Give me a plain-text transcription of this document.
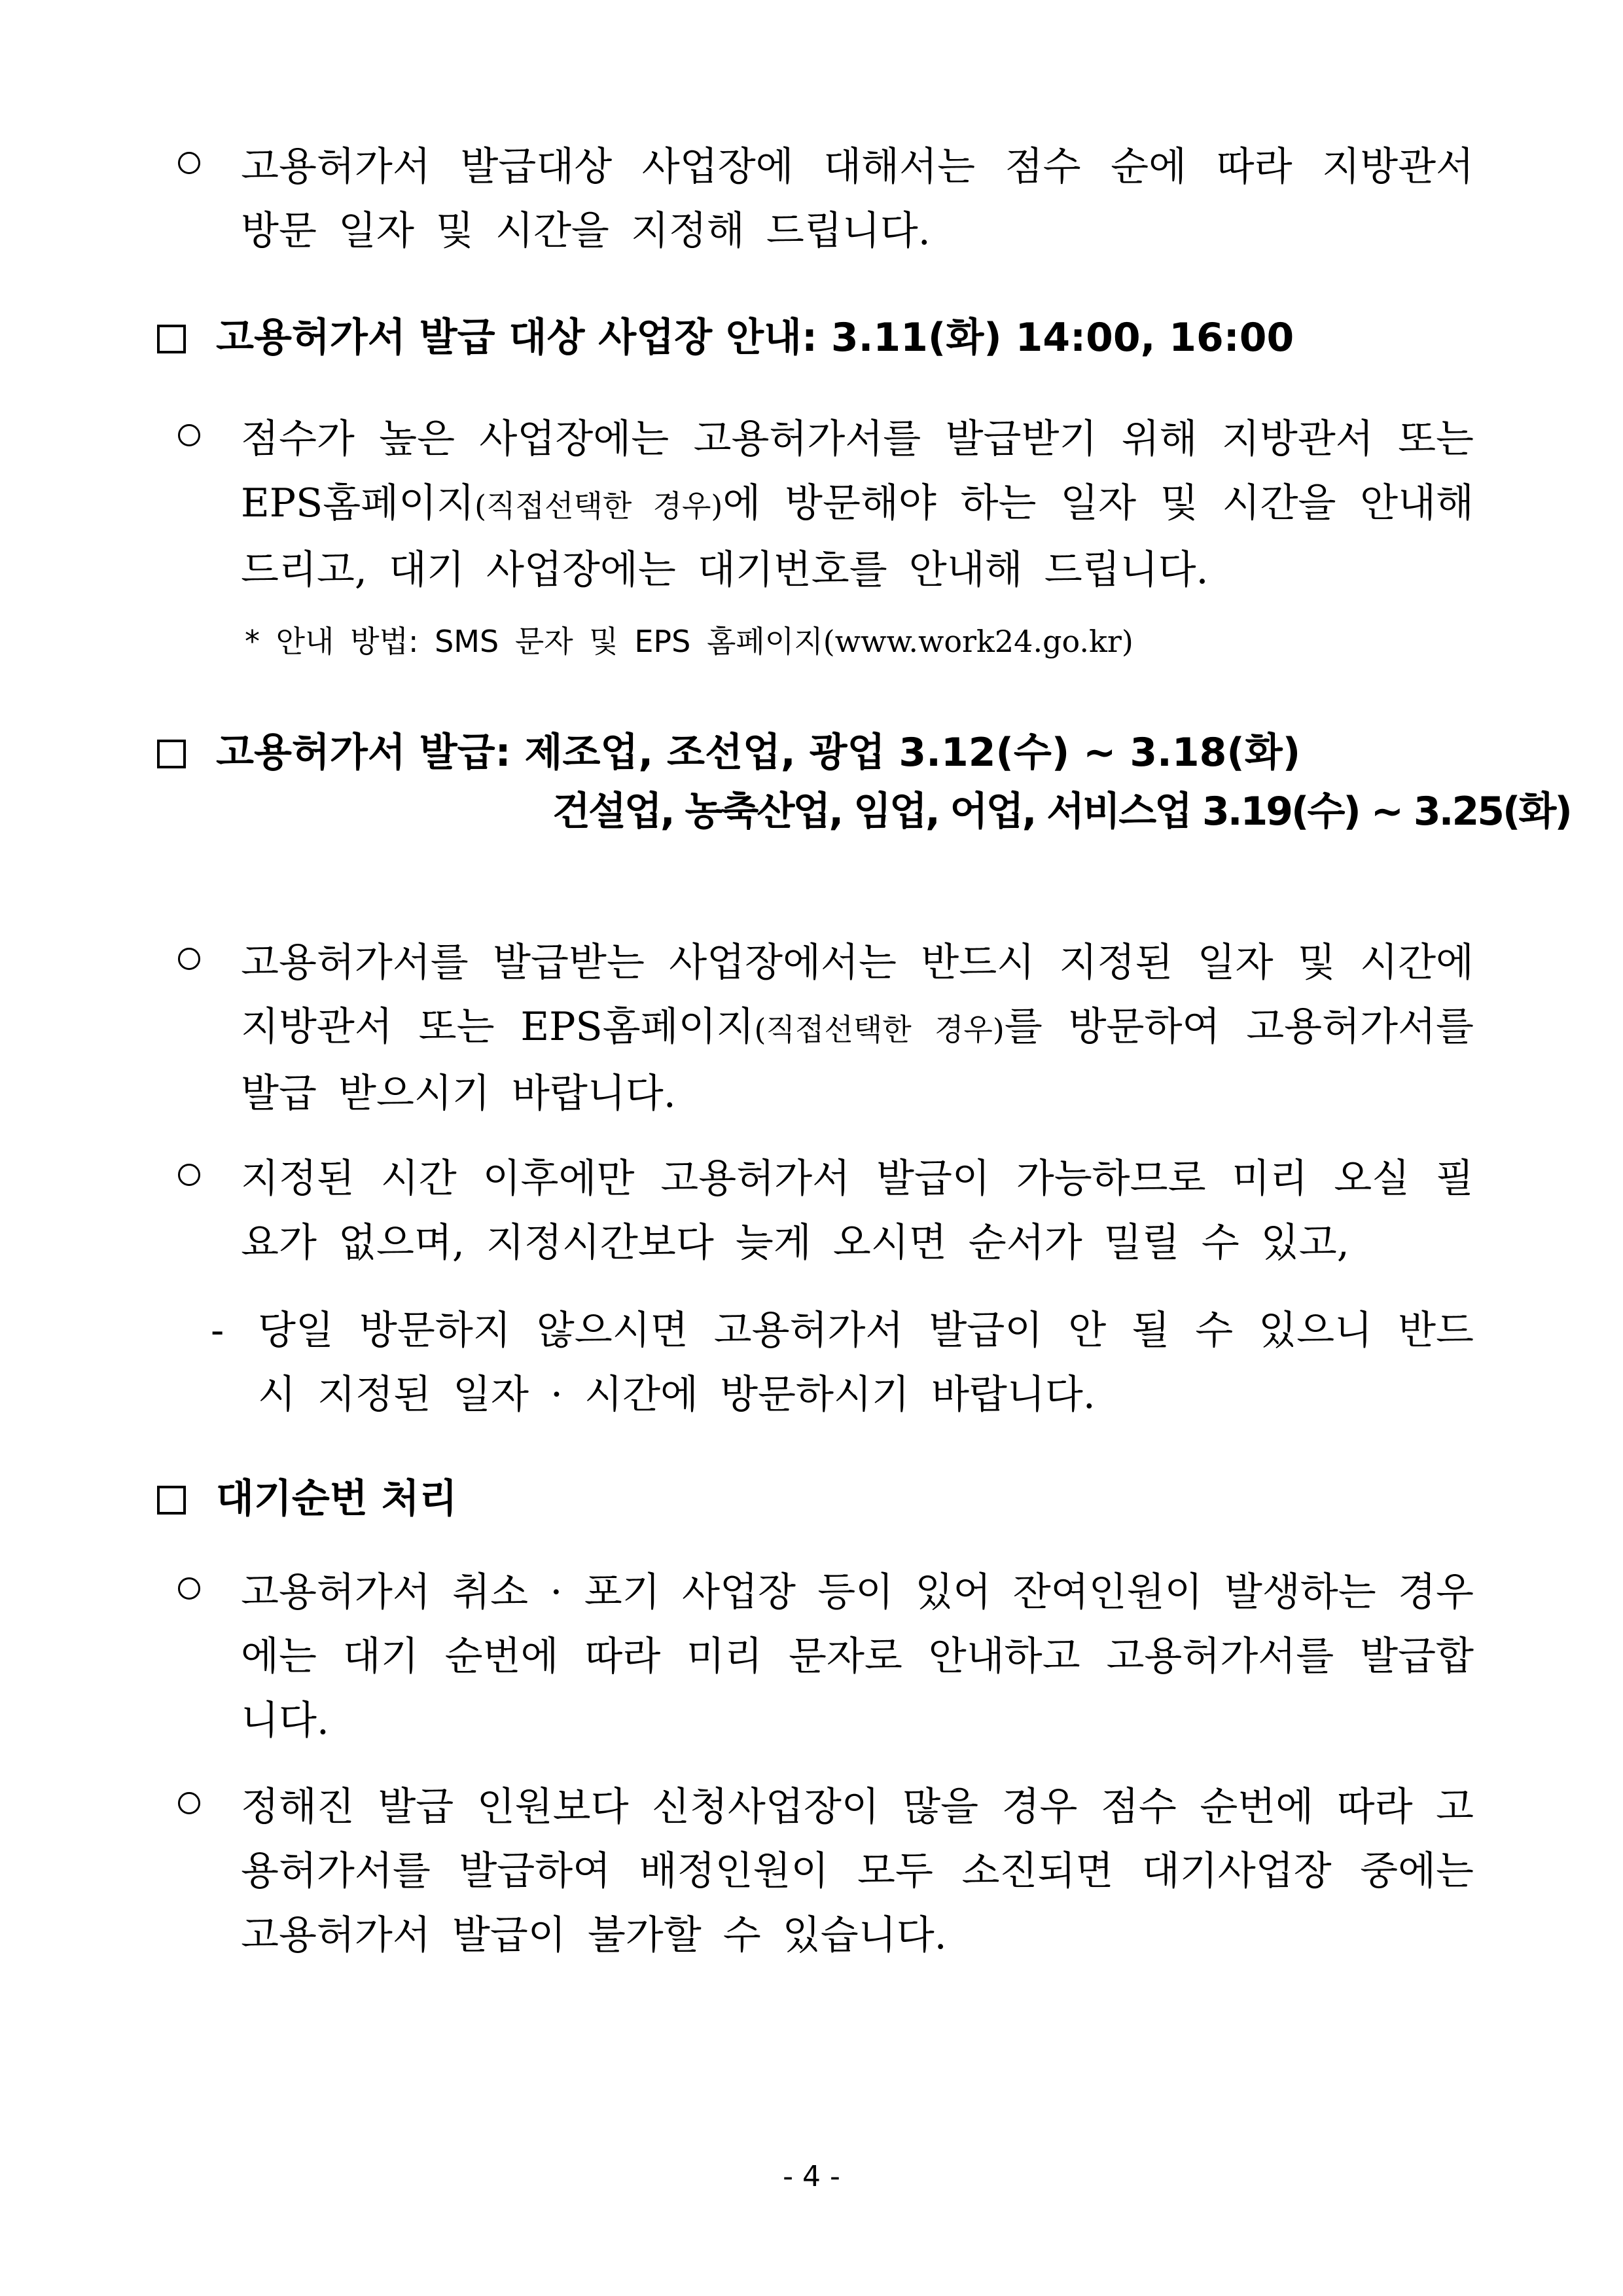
고용허가서 발급대상 사업장에 대해서는 점수 순에 따라 지방관서 방문 일자 및 시간을 지정해 드립니다.
고용허가서 발급 대상 사업장 안내: 3.11(화) 14:00, 16:00
점수가 높은 사업장에는 고용허가서를 발급받기 위해 지방관서 또는 EPS홈페이지(직접선택한 경우)에 방문해야 하는 일자 및 시간을 안내해 드리고, 대기 사업장에는 대기번호를 안내해 드립니다.
* 안내 방법: SMS 문자 및 EPS 홈페이지(www.work24.go.kr)
고용허가서 발급: 제조업, 조선업, 광업 3.12(수) ~ 3.18(화)
건설업, 농축산업, 임업, 어업, 서비스업 3.19(수) ~ 3.25(화)
고용허가서를 발급받는 사업장에서는 반드시 지정된 일자 및 시간에 지방관서 또는 EPS홈페이지(직접선택한 경우)를 방문하여 고용허가서를 발급 받으시기 바랍니다.
지정된 시간 이후에만 고용허가서 발급이 가능하므로 미리 오실 필요가 없으며, 지정시간보다 늦게 오시면 순서가 밀릴 수 있고,
- 당일 방문하지 않으시면 고용허가서 발급이 안 될 수 있으니 반드시 지정된 일자 · 시간에 방문하시기 바랍니다.
대기순번 처리
고용허가서 취소 · 포기 사업장 등이 있어 잔여인원이 발생하는 경우에는 대기 순번에 따라 미리 문자로 안내하고 고용허가서를 발급합니다.
정해진 발급 인원보다 신청사업장이 많을 경우 점수 순번에 따라 고용허가서를 발급하여 배정인원이 모두 소진되면 대기사업장 중에는 고용허가서 발급이 불가할 수 있습니다.
- 4 -
